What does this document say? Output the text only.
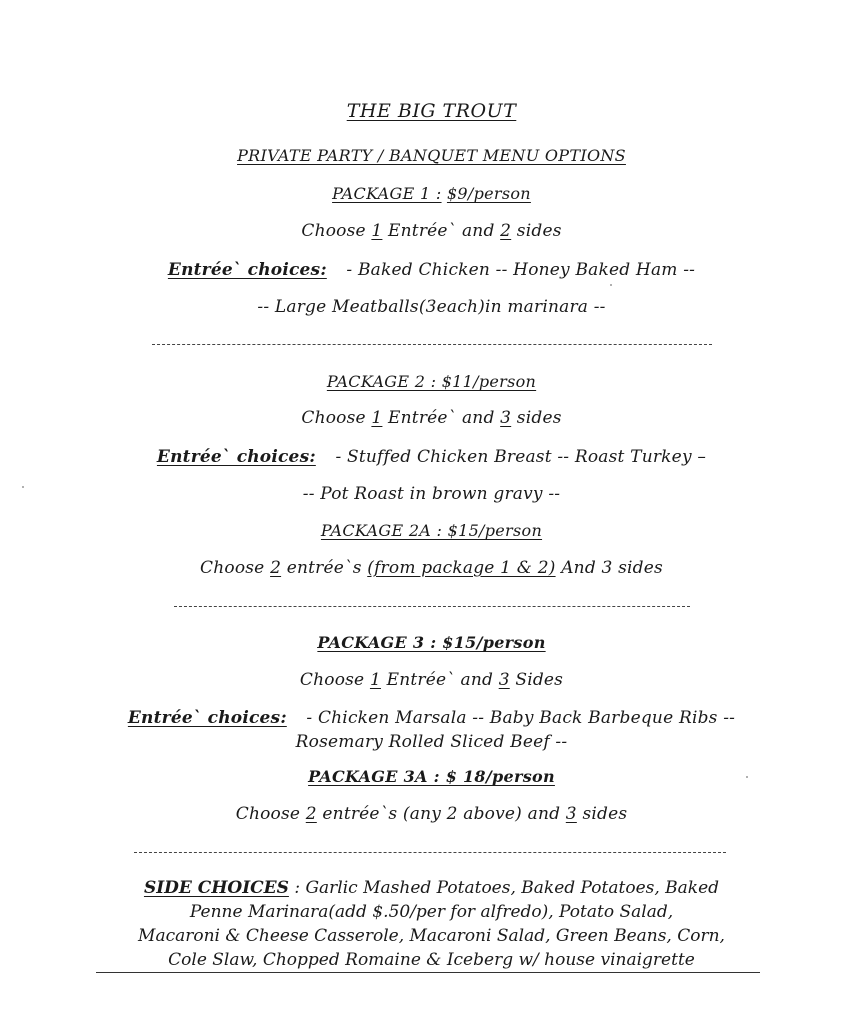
THE BIG TROUT
PRIVATE PARTY / BANQUET MENU OPTIONS
PACKAGE 1 : $9/person
Choose 1 Entrée` and 2 sides
Entrée` choices: - Baked Chicken -- Honey Baked Ham --
-- Large Meatballs(3each)in marinara --
PACKAGE 2 : $11/person
Choose 1 Entrée` and 3 sides
Entrée` choices: - Stuffed Chicken Breast -- Roast Turkey –
-- Pot Roast in brown gravy --
PACKAGE 2A : $15/person
Choose 2 entrée`s (from package 1 & 2) And 3 sides
PACKAGE 3 : $15/person
Choose 1 Entrée` and 3 Sides
Entrée` choices: - Chicken Marsala -- Baby Back Barbeque Ribs --
Rosemary Rolled Sliced Beef --
PACKAGE 3A : $ 18/person
Choose 2 entrée`s (any 2 above) and 3 sides
SIDE CHOICES : Garlic Mashed Potatoes, Baked Potatoes, Baked
Penne Marinara(add $.50/per for alfredo), Potato Salad,
Macaroni & Cheese Casserole, Macaroni Salad, Green Beans, Corn,
Cole Slaw, Chopped Romaine & Iceberg w/ house vinaigrette
